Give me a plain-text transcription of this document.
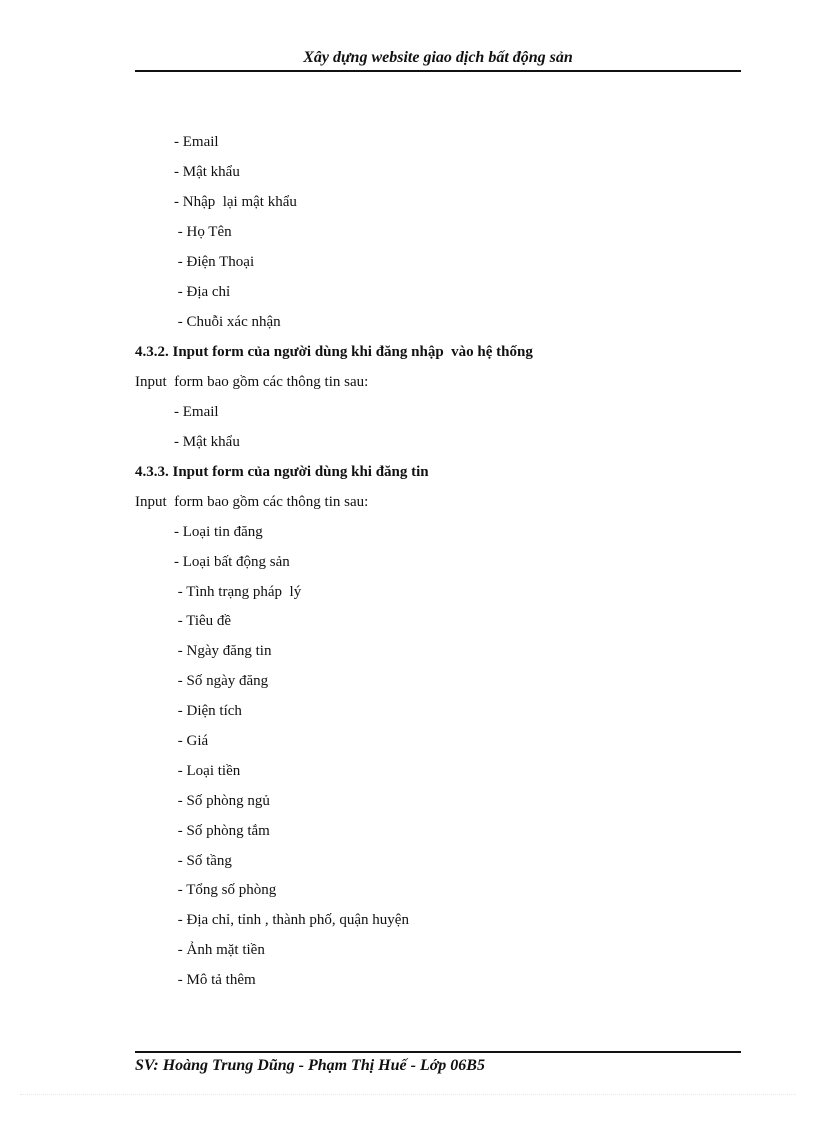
Xây dựng website giao dịch bất động sản
- Email
- Mật khẩu
- Nhập  lại mật khẩu
- Họ Tên
- Điện Thoại
- Địa chỉ
- Chuỗi xác nhận
4.3.2. Input form của người dùng khi đăng nhập  vào hệ thống
Input  form bao gồm các thông tin sau:
- Email
- Mật khẩu
4.3.3. Input form của người dùng khi đăng tin
Input  form bao gồm các thông tin sau:
- Loại tin đăng
- Loại bất động sản
- Tình trạng pháp  lý
- Tiêu đề
- Ngày đăng tin
- Số ngày đăng
- Diện tích
- Giá
- Loại tiền
- Số phòng ngủ
- Số phòng tắm
- Số tầng
- Tổng số phòng
- Địa chỉ, tỉnh , thành phố, quận huyện
- Ảnh mặt tiền
- Mô tả thêm
SV: Hoàng Trung Dũng - Phạm Thị Huế - Lớp 06B5
